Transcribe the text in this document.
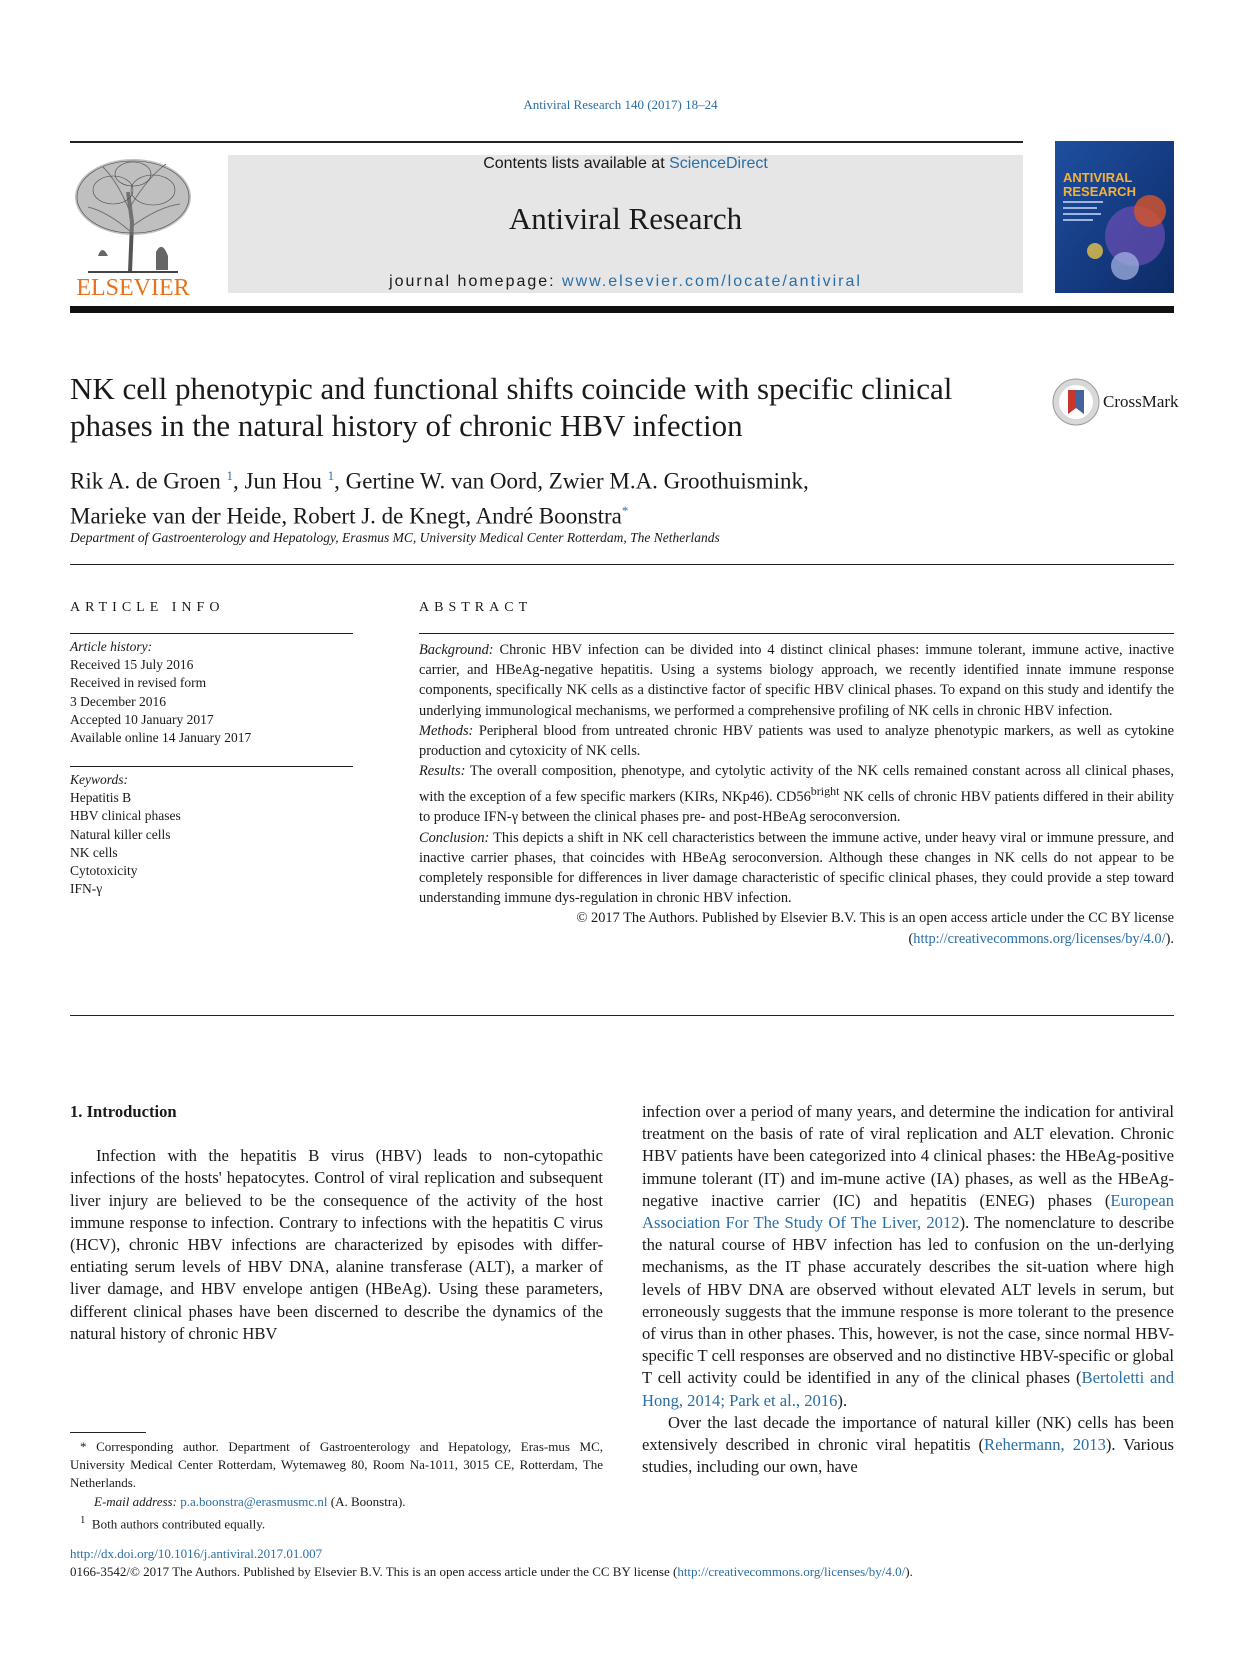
Antiviral Research 140 (2017) 18–24
ELSEVIER
Contents lists available at ScienceDirect
Antiviral Research
journal homepage: www.elsevier.com/locate/antiviral
ANTIVIRAL
RESEARCH
NK cell phenotypic and functional shifts coincide with specific clinical phases in the natural history of chronic HBV infection
CrossMark
Rik A. de Groen $^1$, Jun Hou $^1$, Gertine W. van Oord, Zwier M.A. Groothuismink,
Marieke van der Heide, Robert J. de Knegt, André Boonstra*
Department of Gastroenterology and Hepatology, Erasmus MC, University Medical Center Rotterdam, The Netherlands
ARTICLE INFO
Article history:
Received 15 July 2016
Received in revised form
3 December 2016
Accepted 10 January 2017
Available online 14 January 2017
Keywords:
Hepatitis B
HBV clinical phases
Natural killer cells
NK cells
Cytotoxicity
IFN-γ
ABSTRACT

Background: Chronic HBV infection can be divided into 4 distinct clinical phases: immune tolerant, immune active, inactive carrier, and HBeAg-negative hepatitis. Using a systems biology approach, we recently identified innate immune response components, specifically NK cells as a distinctive factor of specific HBV clinical phases. To expand on this study and identify the underlying immunological mechanisms, we performed a comprehensive profiling of NK cells in chronic HBV infection.

Methods: Peripheral blood from untreated chronic HBV patients was used to analyze phenotypic markers, as well as cytokine production and cytoxicity of NK cells.

Results: The overall composition, phenotype, and cytolytic activity of the NK cells remained constant across all clinical phases, with the exception of a few specific markers (KIRs, NKp46). $CD56^{bright}$ NK cells of chronic HBV patients differed in their ability to produce IFN-γ between the clinical phases pre- and post-HBeAg seroconversion.

Conclusion: This depicts a shift in NK cell characteristics between the immune active, under heavy viral or immune pressure, and inactive carrier phases, that coincides with HBeAg seroconversion. Although these changes in NK cells do not appear to be completely responsible for differences in liver damage characteristic of specific clinical phases, they could provide a step toward understanding immune dys-regulation in chronic HBV infection.

© 2017 The Authors. Published by Elsevier B.V. This is an open access article under the CC BY license
(http://creativecommons.org/licenses/by/4.0/).

1. Introduction

Infection with the hepatitis B virus (HBV) leads to non-cytopathic infections of the hosts' hepatocytes. Control of viral replication and subsequent liver injury are believed to be the consequence of the activity of the host immune response to infection. Contrary to infections with the hepatitis C virus (HCV), chronic HBV infections are characterized by episodes with differ-entiating serum levels of HBV DNA, alanine transferase (ALT), a marker of liver damage, and HBV envelope antigen (HBeAg). Using these parameters, different clinical phases have been discerned to describe the dynamics of the natural history of chronic HBV

infection over a period of many years, and determine the indication for antiviral treatment on the basis of rate of viral replication and ALT elevation. Chronic HBV patients have been categorized into 4 clinical phases: the HBeAg-positive immune tolerant (IT) and im-mune active (IA) phases, as well as the HBeAg-negative inactive carrier (IC) and hepatitis (ENEG) phases (European Association For The Study Of The Liver, 2012). The nomenclature to describe the natural course of HBV infection has led to confusion on the un-derlying mechanisms, as the IT phase accurately describes the sit-uation where high levels of HBV DNA are observed without elevated ALT levels in serum, but erroneously suggests that the immune response is more tolerant to the presence of virus than in other phases. This, however, is not the case, since normal HBV-specific T cell responses are observed and no distinctive HBV-specific or global T cell activity could be identified in any of the clinical phases (Bertoletti and Hong, 2014; Park et al., 2016).

Over the last decade the importance of natural killer (NK) cells has been extensively described in chronic viral hepatitis (Rehermann, 2013). Various studies, including our own, have

* Corresponding author. Department of Gastroenterology and Hepatology, Eras-mus MC, University Medical Center Rotterdam, Wytemaweg 80, Room Na-1011, 3015 CE, Rotterdam, The Netherlands.

E-mail address: p.a.boonstra@erasmusmc.nl (A. Boonstra).

$^1$ Both authors contributed equally.

http://dx.doi.org/10.1016/j.antiviral.2017.01.007
0166-3542/© 2017 The Authors. Published by Elsevier B.V. This is an open access article under the CC BY license (http://creativecommons.org/licenses/by/4.0/).
